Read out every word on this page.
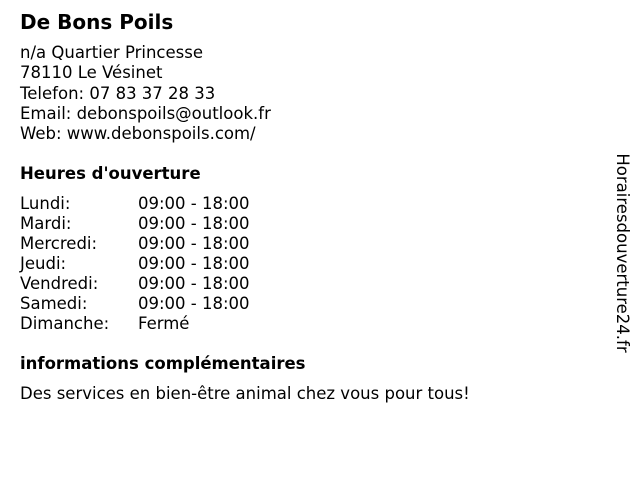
De Bons Poils
n/a Quartier Princesse
78110 Le Vésinet
Telefon: 07 83 37 28 33
Email: debonspoils@outlook.fr
Web: www.debonspoils.com/
Heures d'ouverture
Lundi:	09:00 - 18:00
Mardi:	09:00 - 18:00
Mercredi:	09:00 - 18:00
Jeudi:	09:00 - 18:00
Vendredi:	09:00 - 18:00
Samedi:	09:00 - 18:00
Dimanche:	Fermé
informations complémentaires
Des services en bien-être animal chez vous pour tous!
Horairesdouverture24.fr
